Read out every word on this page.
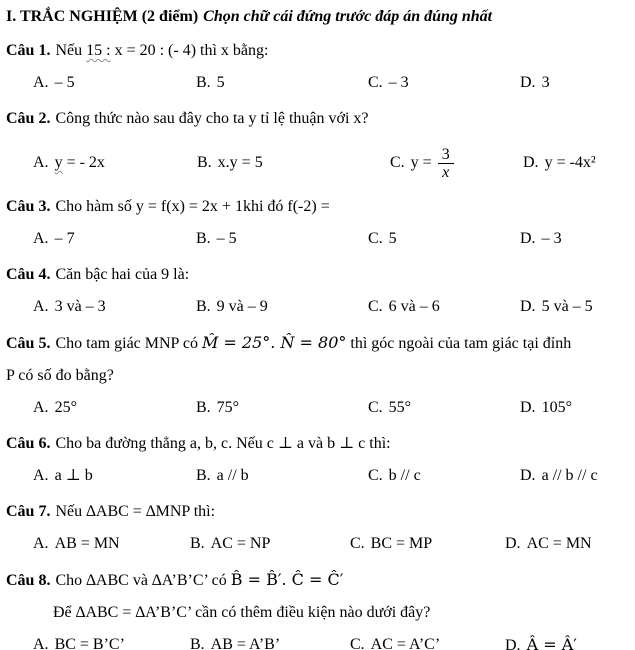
I. TRẮC NGHIỆM (2 điểm) Chọn chữ cái đứng trước đáp án đúng nhất
Câu 1. Nếu 15 : x = 20 : (- 4) thì x bằng:
A. – 5	B. 5	C. – 3	D. 3
Câu 2. Công thức nào sau đây cho ta y tỉ lệ thuận với x?
A. y = - 2x	B. x.y = 5	C. $y = \frac{3}{x}$	D. y = -4x²
Câu 3. Cho hàm số y = f(x) = 2x + 1khi đó f(-2) =
A. – 7	B. – 5	C. 5	D. – 3
Câu 4. Căn bậc hai của 9 là:
A. 3 và – 3	B. 9 và – 9	C. 6 và – 6	D. 5 và – 5
Câu 5. Cho tam giác MNP có M̂ = 25°. N̂ = 80° thì góc ngoài của tam giác tại đỉnh
P có số đo bằng?
A. 25°	B. 75°	C. 55°	D. 105°
Câu 6. Cho ba đường thẳng a, b, c. Nếu c ⊥ a và b ⊥ c thì:
A. a ⊥ b	B. a // b	C. b // c	D. a // b // c
Câu 7. Nếu ∆ABC = ∆MNP thì:
A. AB = MN	B. AC = NP	C. BC = MP	D. AC = MN
Câu 8. Cho ∆ABC và ∆A’B’C’ có B̂ = B̂′. Ĉ = Ĉ′
Để ∆ABC = ∆A’B’C’ cần có thêm điều kiện nào dưới đây?
A. BC = B’C’	B. AB = A’B’	C. AC = A’C’	D. Â = Â′
